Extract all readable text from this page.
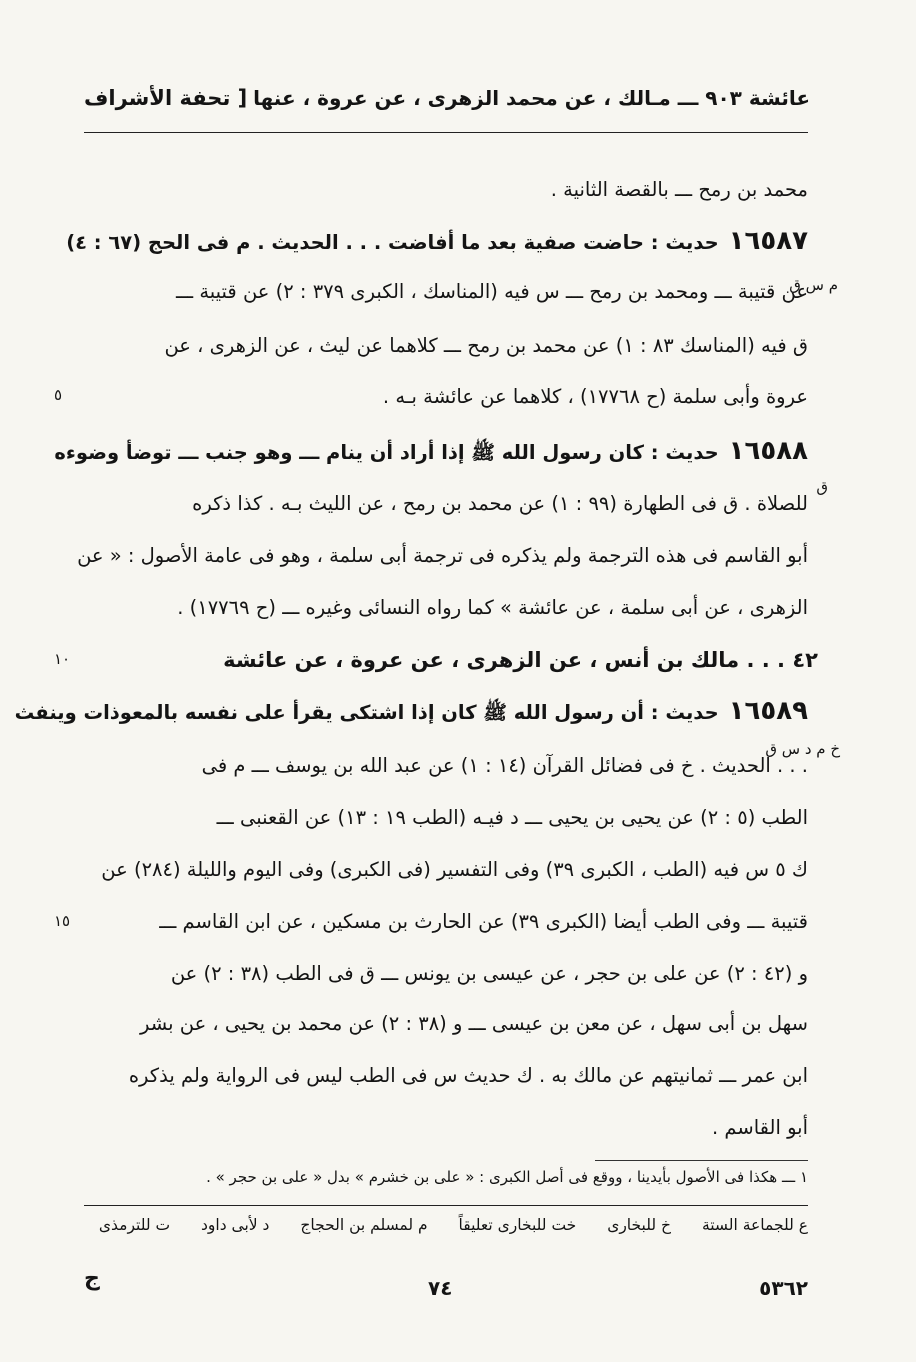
[ تحفة الأشراف عائشة ٩٠٣ ـــ مـالك ، عن محمد الزهرى ، عن عروة ، عنها
محمد بن رمح ـــ بالقصة الثانية .
١٦٥٨٧حديث : حاضت صفية بعد ما أفاضت . . . الحديث . م فى الحج (٦٧ : ٤)
عن قتيبة ـــ ومحمد بن رمح ـــ س فيه (المناسك ، الكبرى ٣٧٩ : ٢) عن قتيبة ـــ
ق فيه (المناسك ٨٣ : ١) عن محمد بن رمح ـــ كلاهما عن ليث ، عن الزهرى ، عن
عروة وأبى سلمة (ح ١٧٧٦٨) ، كلاهما عن عائشة بـه .
١٦٥٨٨حديث : كان رسول الله ﷺ إذا أراد أن ينام ـــ وهو جنب ـــ توضأ وضوءه
للصلاة . ق فى الطهارة (٩٩ : ١) عن محمد بن رمح ، عن الليث بـه . كذا ذكره
أبو القاسم فى هذه الترجمة ولم يذكره فى ترجمة أبى سلمة ، وهو فى عامة الأصول : « عن
الزهرى ، عن أبى سلمة ، عن عائشة » كما رواه النسائى وغيره ـــ (ح ١٧٧٦٩) .
٤٢ . . . مالك بن أنس ، عن الزهرى ، عن عروة ، عن عائشة
١٦٥٨٩حديث : أن رسول الله ﷺ كان إذا اشتكى يقرأ على نفسه بالمعوذات وينفث
. . . الحديث . خ فى فضائل القرآن (١٤ : ١) عن عبد الله بن يوسف ـــ م فى
الطب (٥ : ٢) عن يحيى بن يحيى ـــ د فيـه (الطب ١٩ : ١٣) عن القعنبى ـــ
ك ٥ س فيه (الطب ، الكبرى ٣٩) وفى التفسير (فى الكبرى) وفى اليوم والليلة (٢٨٤) عن
قتيبة ـــ وفى الطب أيضا (الكبرى ٣٩) عن الحارث بن مسكين ، عن ابن القاسم ـــ
و (٤٢ : ٢) عن على بن حجر ، عن عيسى بن يونس ـــ ق فى الطب (٣٨ : ٢) عن
سهل بن أبى سهل ، عن معن بن عيسى ـــ و (٣٨ : ٢) عن محمد بن يحيى ، عن بشر
ابن عمر ـــ ثمانيتهم عن مالك به . ك حديث س فى الطب ليس فى الرواية ولم يذكره
أبو القاسم .
م س ق
ق
خ م د س ق
٥
١٠
١٥
١ ـــ هكذا فى الأصول بأيدينا ، ووقع فى أصل الكبرى : « على بن خشرم » بدل « على بن حجر » .
ع للجماعة الستة خ للبخارى خت للبخارى تعليقاً م لمسلم بن الحجاج د لأبى داود ت للترمذى
ج	٧٤	٥٣٦٢
